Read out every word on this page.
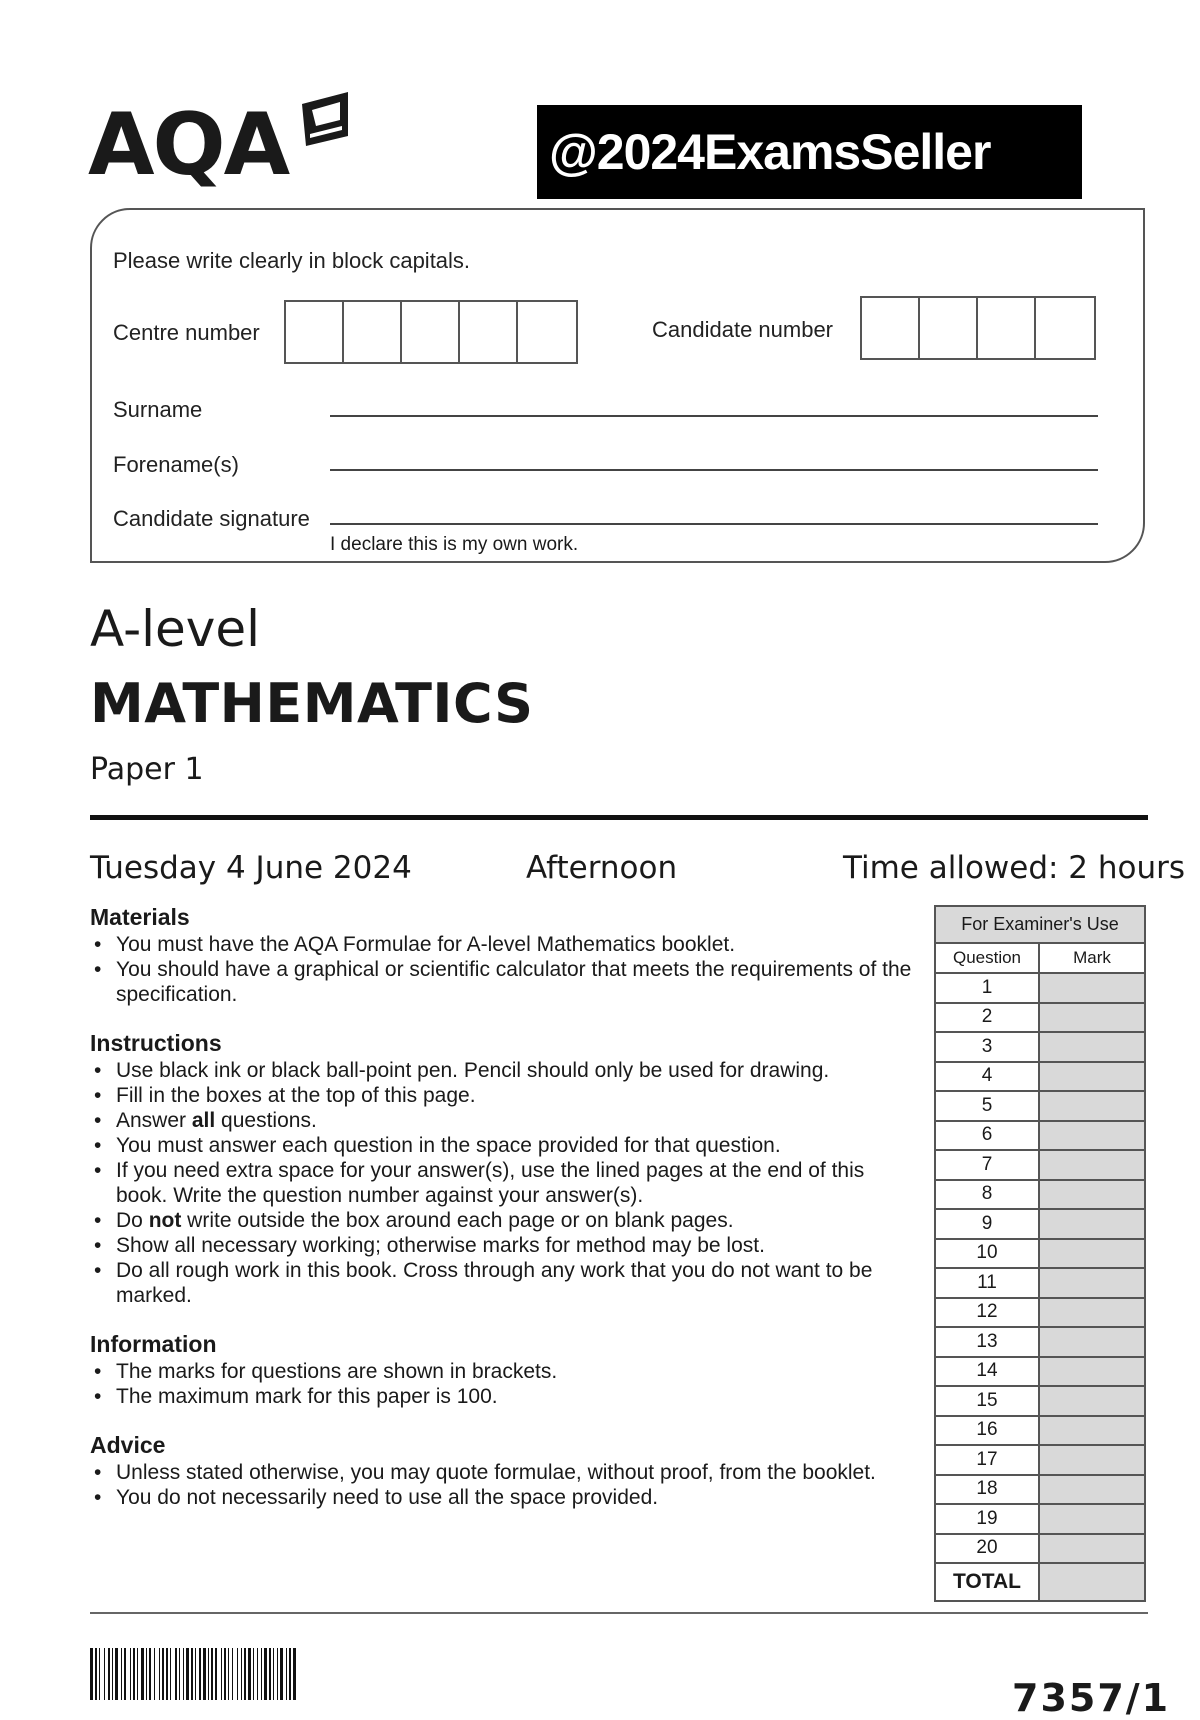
AQA	@2024ExamsSeller
Please write clearly in block capitals.
Centre number	Candidate number
Surname
Forename(s)
Candidate signature
I declare this is my own work.
A-level
MATHEMATICS
Paper 1
Tuesday 4 June 2024	Afternoon	Time allowed: 2 hours

Materials

• You must have the AQA Formulae for A-level Mathematics booklet.
• You should have a graphical or scientific calculator that meets the requirements of the specification.

Instructions

• Use black ink or black ball-point pen. Pencil should only be used for drawing.
• Fill in the boxes at the top of this page.
• Answer all questions.
• You must answer each question in the space provided for that question.
• If you need extra space for your answer(s), use the lined pages at the end of this book. Write the question number against your answer(s).
• Do not write outside the box around each page or on blank pages.
• Show all necessary working; otherwise marks for method may be lost.
• Do all rough work in this book. Cross through any work that you do not want to be marked.

Information

• The marks for questions are shown in brackets.
• The maximum mark for this paper is 100.

Advice

• Unless stated otherwise, you may quote formulae, without proof, from the booklet.
• You do not necessarily need to use all the space provided.
For Examiner's Use	
Question	Mark
1	
2	
3	
4	
5	
6	
7	
8	
9	
10	
11	
12	
13	
14	
15	
16	
17	
18	
19	
20	
TOTAL	
7357/1
